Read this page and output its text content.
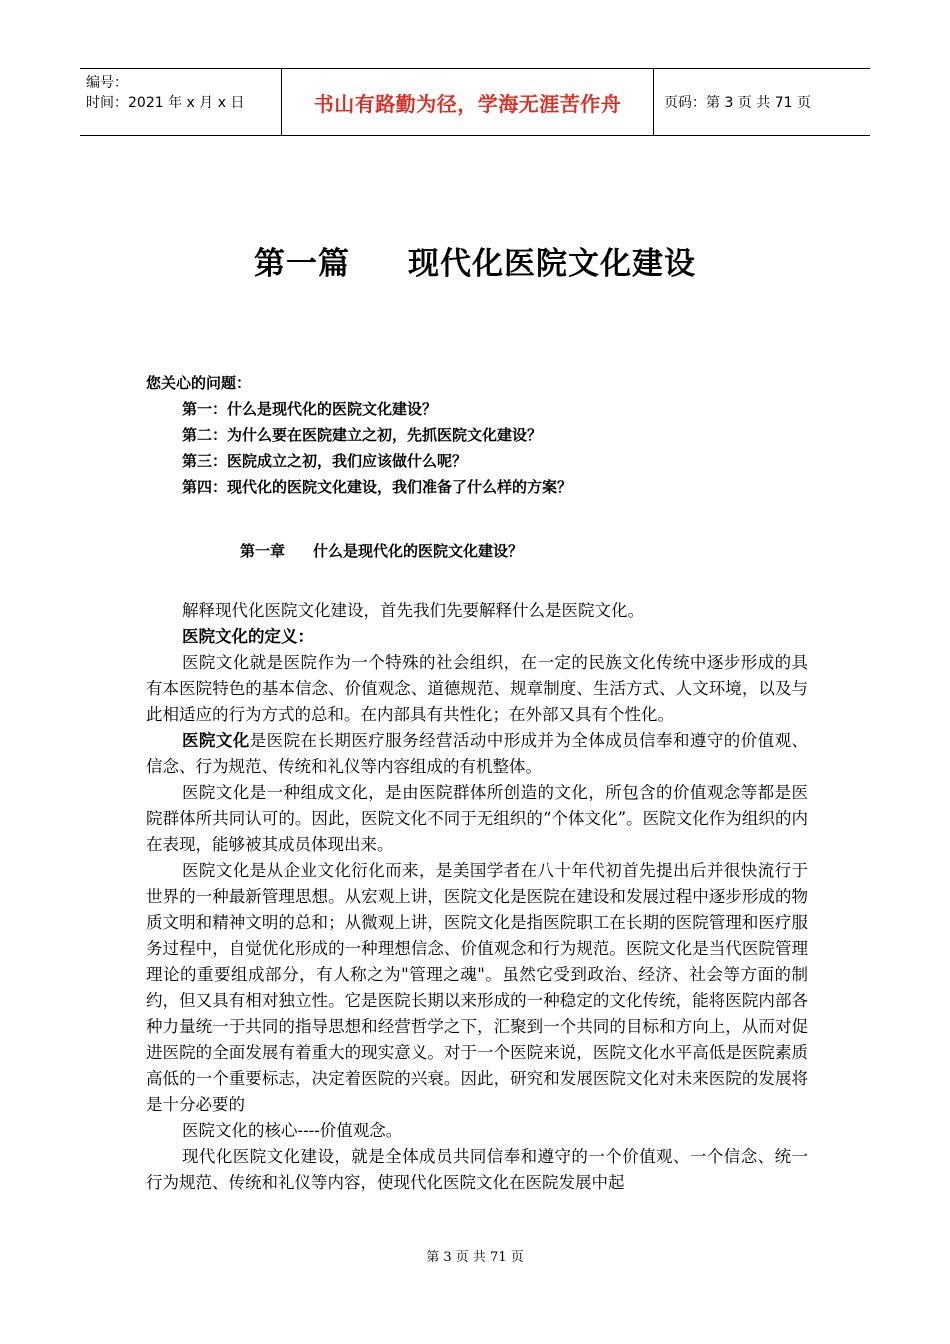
编号：
时间：2021 年 x 月 x 日	书山有路勤为径，学海无涯苦作舟	页码：第 3 页 共 71 页
第一篇 现代化医院文化建设
您关心的问题：
第一：什么是现代化的医院文化建设？
第二：为什么要在医院建立之初，先抓医院文化建设？
第三：医院成立之初，我们应该做什么呢？
第四：现代化的医院文化建设，我们准备了什么样的方案？
第一章 什么是现代化的医院文化建设？

解释现代化医院文化建设，首先我们先要解释什么是医院文化。

医院文化的定义：

医院文化就是医院作为一个特殊的社会组织，在一定的民族文化传统中逐步形成的具有本医院特色的基本信念、价值观念、道德规范、规章制度、生活方式、人文环境，以及与此相适应的行为方式的总和。在内部具有共性化；在外部又具有个性化。

医院文化是医院在长期医疗服务经营活动中形成并为全体成员信奉和遵守的价值观、信念、行为规范、传统和礼仪等内容组成的有机整体。

医院文化是一种组成文化，是由医院群体所创造的文化，所包含的价值观念等都是医院群体所共同认可的。因此，医院文化不同于无组织的“个体文化”。医院文化作为组织的内在表现，能够被其成员体现出来。

医院文化是从企业文化衍化而来，是美国学者在八十年代初首先提出后并很快流行于世界的一种最新管理思想。从宏观上讲，医院文化是医院在建设和发展过程中逐步形成的物质文明和精神文明的总和；从微观上讲，医院文化是指医院职工在长期的医院管理和医疗服务过程中，自觉优化形成的一种理想信念、价值观念和行为规范。医院文化是当代医院管理理论的重要组成部分，有人称之为"管理之魂"。虽然它受到政治、经济、社会等方面的制约，但又具有相对独立性。它是医院长期以来形成的一种稳定的文化传统，能将医院内部各种力量统一于共同的指导思想和经营哲学之下，汇聚到一个共同的目标和方向上，从而对促进医院的全面发展有着重大的现实意义。对于一个医院来说，医院文化水平高低是医院素质高低的一个重要标志，决定着医院的兴衰。因此，研究和发展医院文化对未来医院的发展将是十分必要的

医院文化的核心----价值观念。

现代化医院文化建设，就是全体成员共同信奉和遵守的一个价值观、一个信念、统一行为规范、传统和礼仪等内容，使现代化医院文化在医院发展中起

第 3 页 共 71 页
